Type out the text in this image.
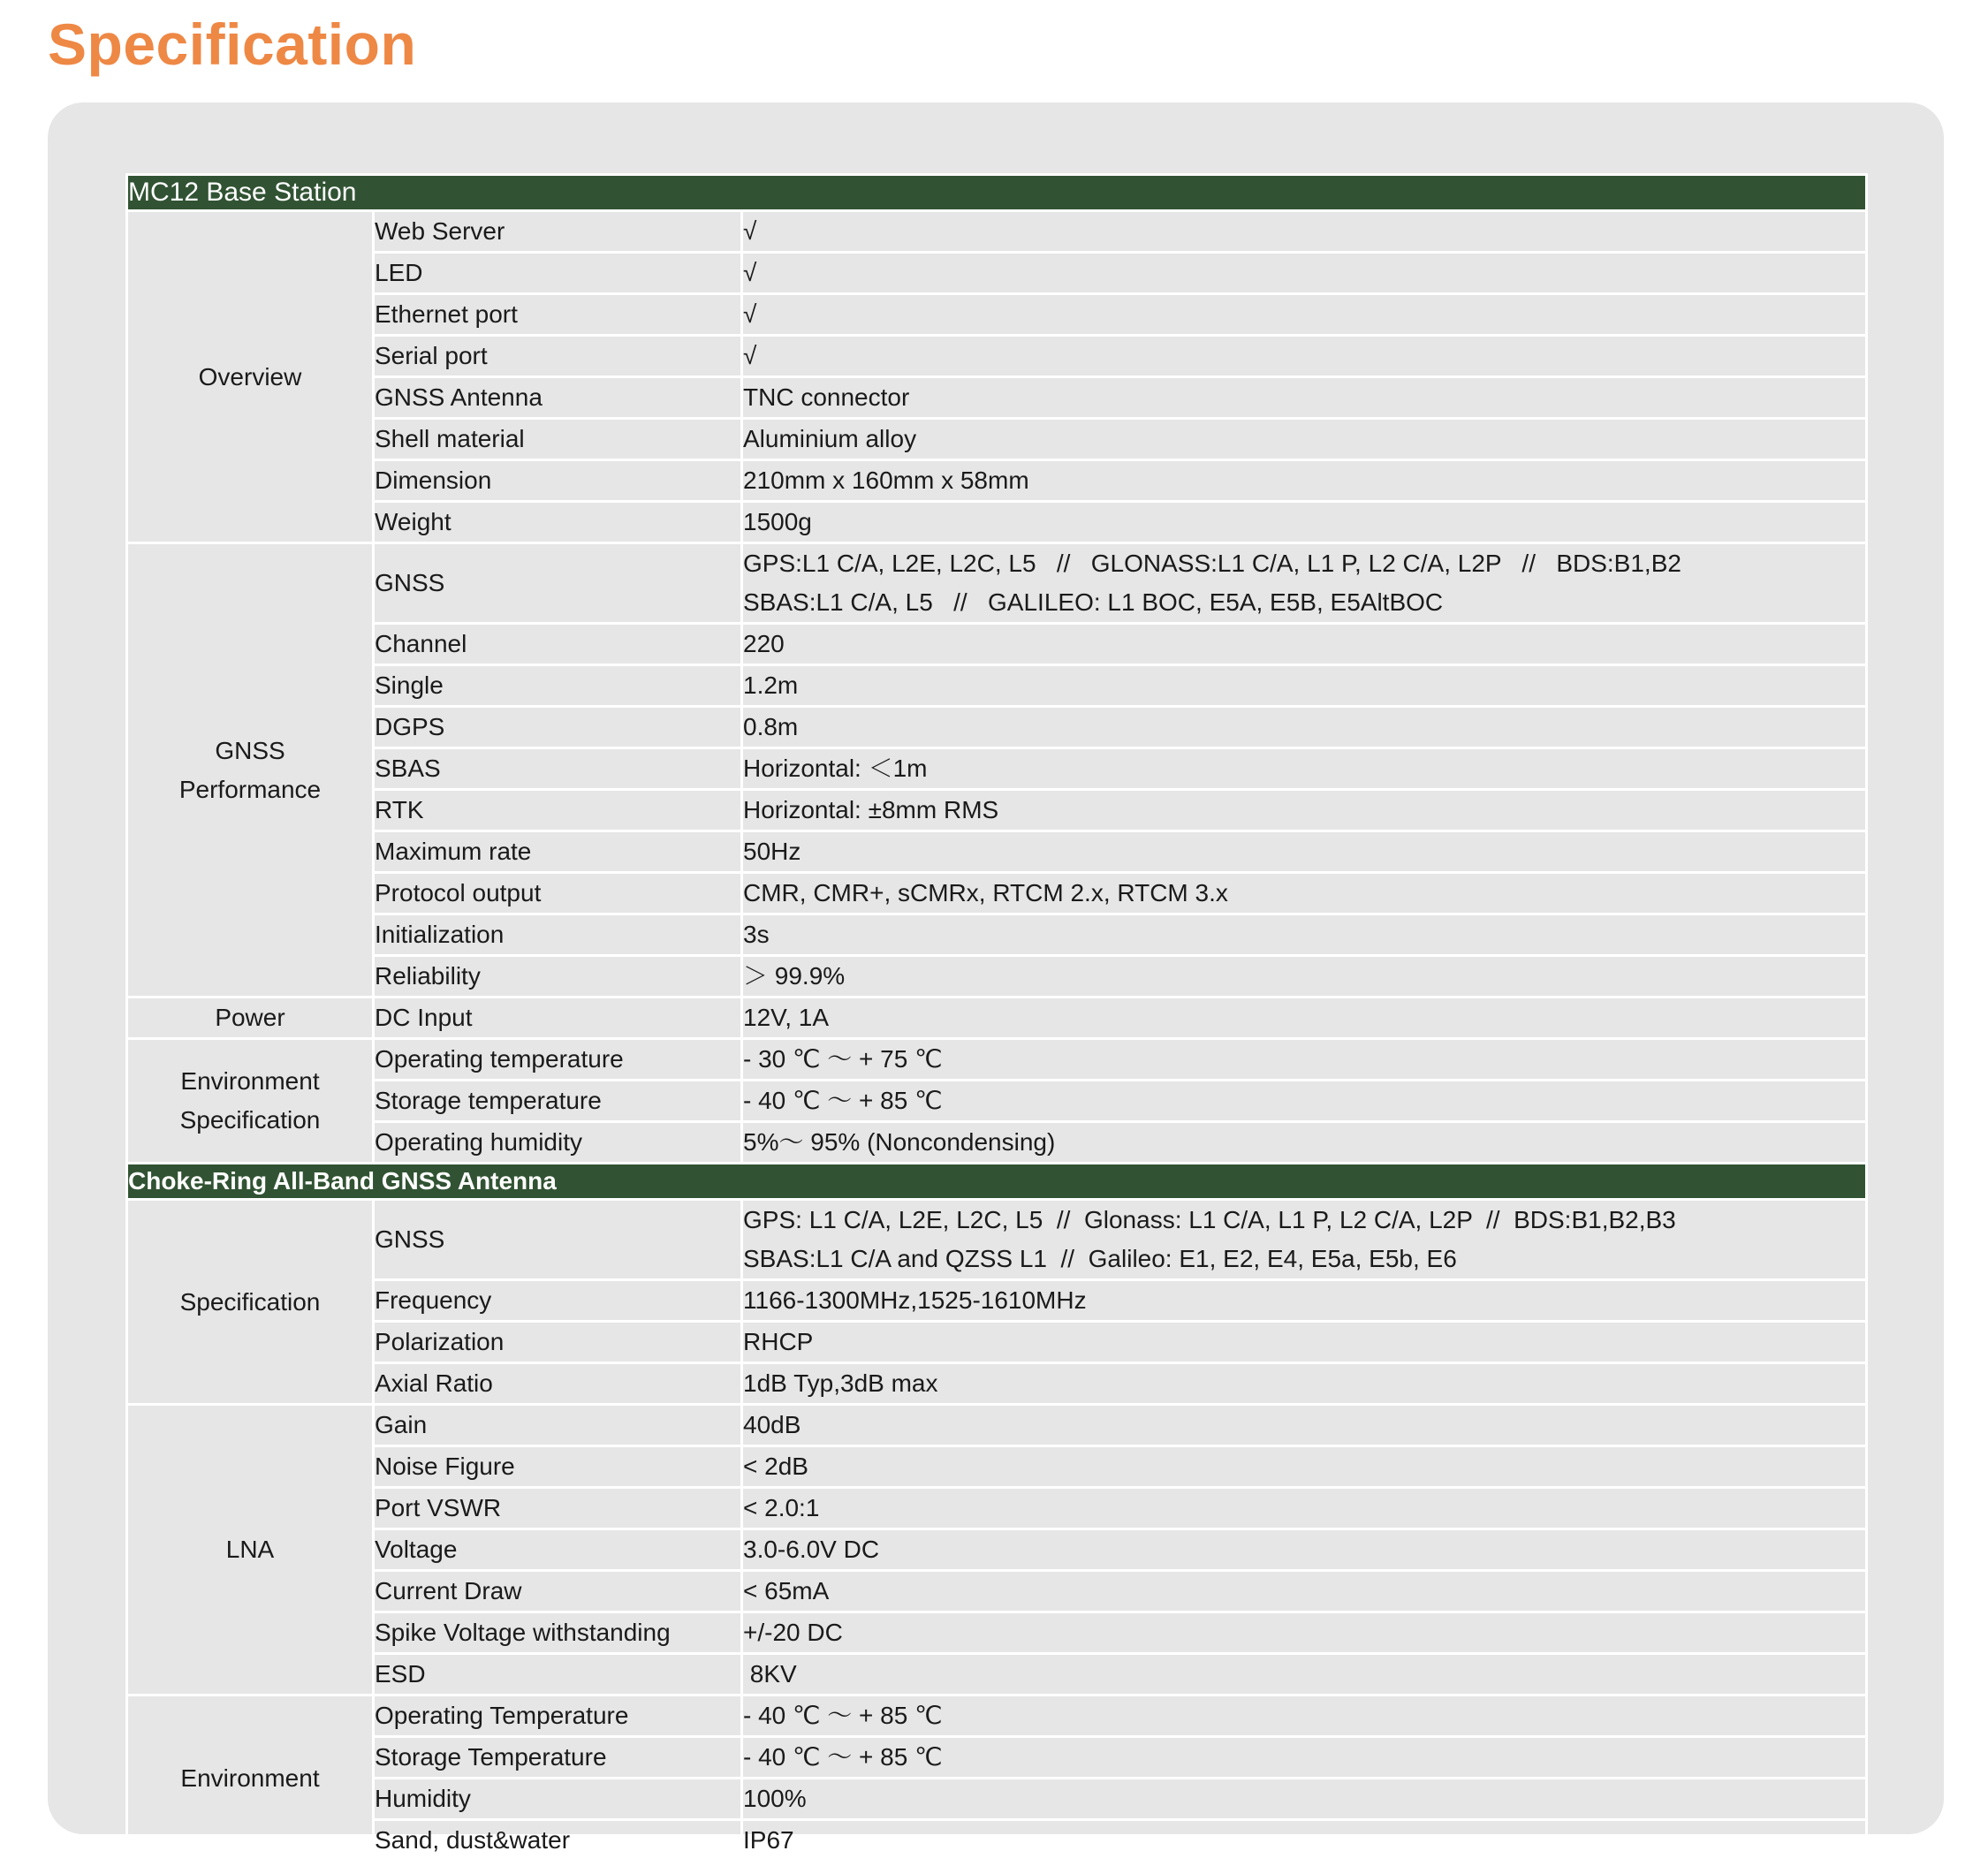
Specification
MC12 Base Station		

Overview	Web Server	√

	LED	√

	Ethernet port	√

	Serial port	√

	GNSS Antenna	TNC connector

	Shell material	Aluminium alloy

	Dimension	210mm x 160mm x 58mm

	Weight	1500g

GNSS
Performance	GNSS	GPS:L1 C/A, L2E, L2C, L5   //   GLONASS:L1 C/A, L1 P, L2 C/A, L2P   //   BDS:B1,B2
SBAS:L1 C/A, L5   //   GALILEO: L1 BOC, E5A, E5B, E5AltBOC

	Channel	220

	Single	1.2m

	DGPS	0.8m

	SBAS	Horizontal: ＜1m

	RTK	Horizontal: ±8mm RMS

	Maximum rate	50Hz

	Protocol output	CMR, CMR+, sCMRx, RTCM 2.x, RTCM 3.x

	Initialization	3s

	Reliability	＞ 99.9%

Power	DC Input	12V, 1A

Environment
Specification	Operating temperature	- 30 ℃ ～ + 75 ℃

	Storage temperature	- 40 ℃ ～ + 85 ℃

	Operating humidity	5%～ 95% (Noncondensing)

Choke-Ring All-Band GNSS Antenna		

Specification	GNSS	GPS: L1 C/A, L2E, L2C, L5  //  Glonass: L1 C/A, L1 P, L2 C/A, L2P  //  BDS:B1,B2,B3
SBAS:L1 C/A and QZSS L1  //  Galileo: E1, E2, E4, E5a, E5b, E6

	Frequency	1166-1300MHz,1525-1610MHz

	Polarization	RHCP

	Axial Ratio	1dB Typ,3dB max

LNA	Gain	40dB

	Noise Figure	< 2dB

	Port VSWR	< 2.0:1

	Voltage	3.0-6.0V DC

	Current Draw	< 65mA

	Spike Voltage withstanding	+/-20 DC

	ESD	8KV

Environment	Operating Temperature	- 40 ℃ ～ + 85 ℃

	Storage Temperature	- 40 ℃ ～ + 85 ℃

	Humidity	100%

	Sand, dust&water	IP67
